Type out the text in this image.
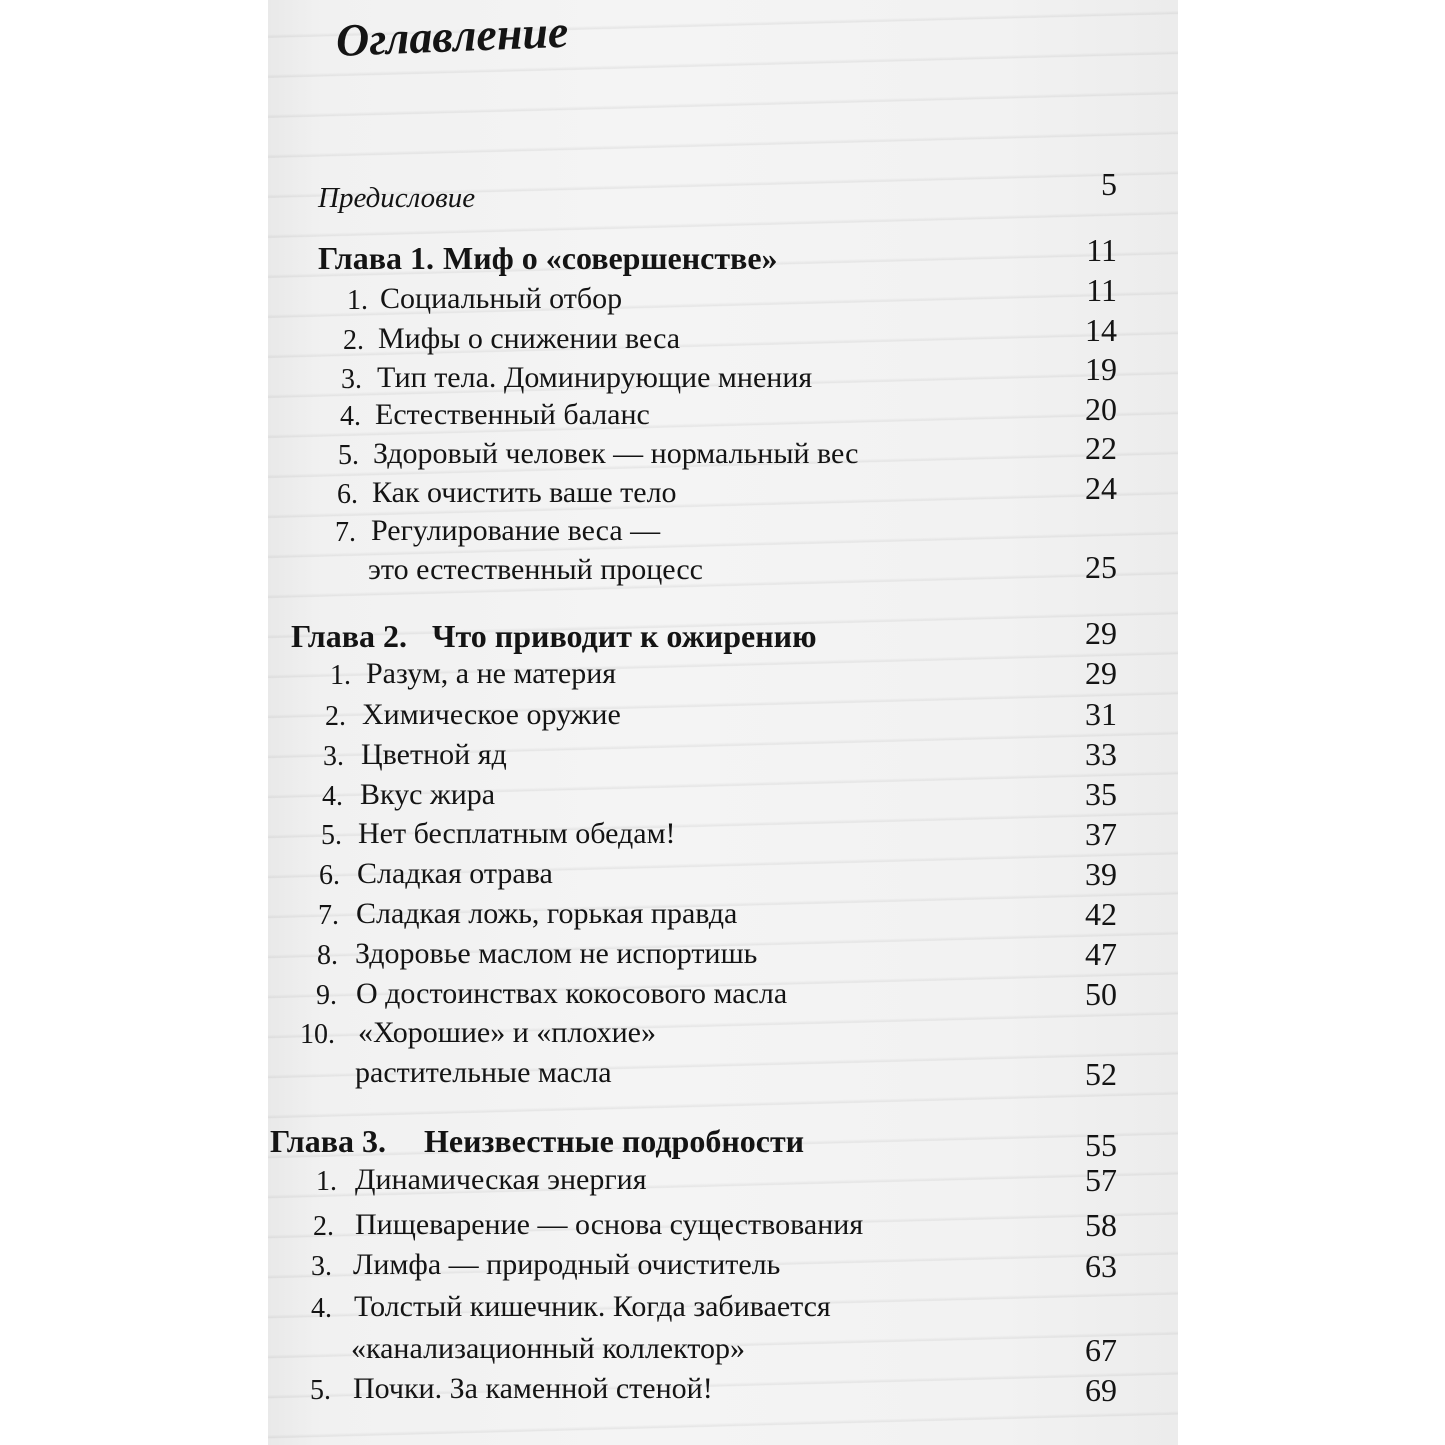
Оглавление
Предисловие	5
Глава 1. Миф о «совершенстве»	11
1. Социальный отбор	11
2. Мифы о снижении веса	14
3. Тип тела. Доминирующие мнения	19
4. Естественный баланс	20
5. Здоровый человек — нормальный вес	22
6. Как очистить ваше тело	24
7. Регулирование веса —
это естественный процесс	25
Глава 2. Что приводит к ожирению	29
1. Разум, а не материя	29
2. Химическое оружие	31
3. Цветной яд	33
4. Вкус жира	35
5. Нет бесплатным обедам!	37
6. Сладкая отрава	39
7. Сладкая ложь, горькая правда	42
8. Здоровье маслом не испортишь	47
9. О достоинствах кокосового масла	50
10. «Хорошие» и «плохие»
растительные масла	52
Глава 3. Неизвестные подробности	55
1. Динамическая энергия	57
2. Пищеварение — основа существования	58
3. Лимфа — природный очиститель	63
4. Толстый кишечник. Когда забивается
«канализационный коллектор»	67
5. Почки. За каменной стеной!	69
